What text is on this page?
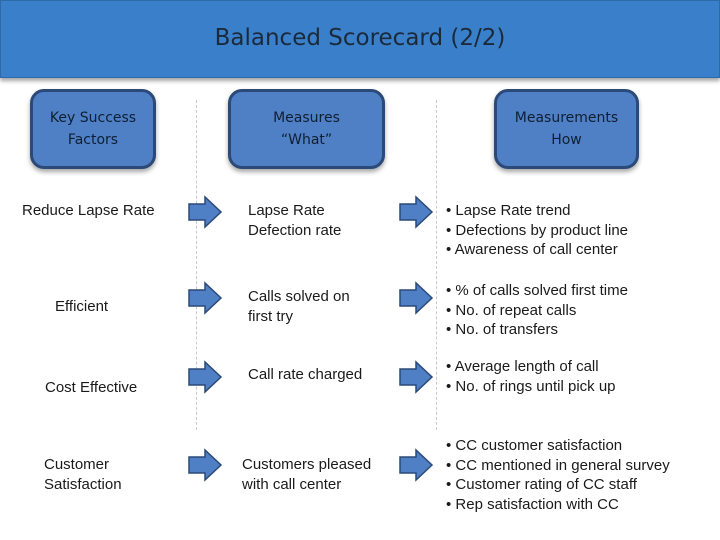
Balanced Scorecard (2/2)
Key Success
Factors
Measures
“What”
Measurements
How
Reduce Lapse Rate	Lapse Rate
Defection rate
• Lapse Rate trend
• Defections by product line
• Awareness of call center
Efficient
Calls solved on
first try
• % of calls solved first time
• No. of repeat calls
• No. of transfers
Cost Effective
Call rate charged	• Average length of call
• No. of rings until pick up
Customer
Satisfaction
Customers pleased
with call center
• CC customer satisfaction
• CC mentioned in general survey
• Customer rating of CC staff
• Rep satisfaction with CC
